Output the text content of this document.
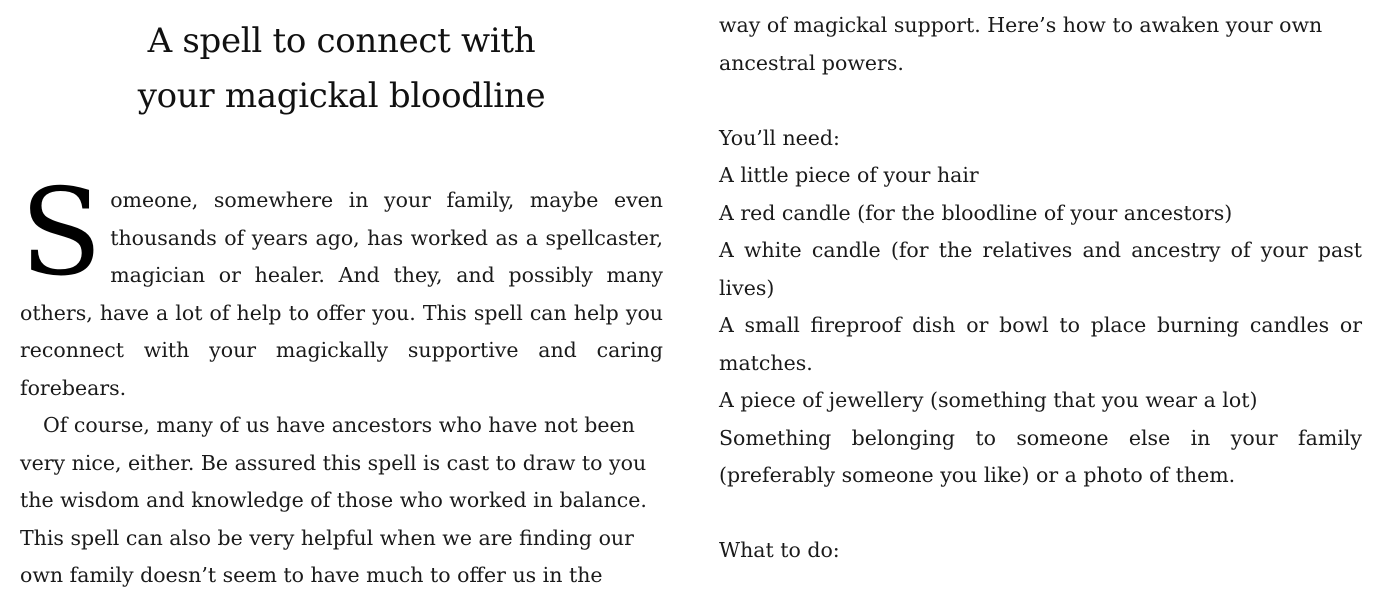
A spell to connect with
your magickal bloodline

S omeone, somewhere in your family, maybe even thousands of years ago, has worked as a spellcaster, magician or healer. And they, and possibly many others, have a lot of help to offer you. This spell can help you reconnect with your magickally supportive and caring forebears.

Of course, many of us have ancestors who have not been
very nice, either. Be assured this spell is cast to draw to you
the wisdom and knowledge of those who worked in balance.
This spell can also be very helpful when we are finding our
own family doesn’t seem to have much to offer us in the

way of magickal support. Here’s how to awaken your own
ancestral powers.
You’ll need:

A little piece of your hair

A red candle (for the bloodline of your ancestors)

A white candle (for the relatives and ancestry of your past lives)

A small fireproof dish or bowl to place burning candles or matches.

A piece of jewellery (something that you wear a lot)

Something belonging to someone else in your family (preferably someone you like) or a photo of them.

What to do:
